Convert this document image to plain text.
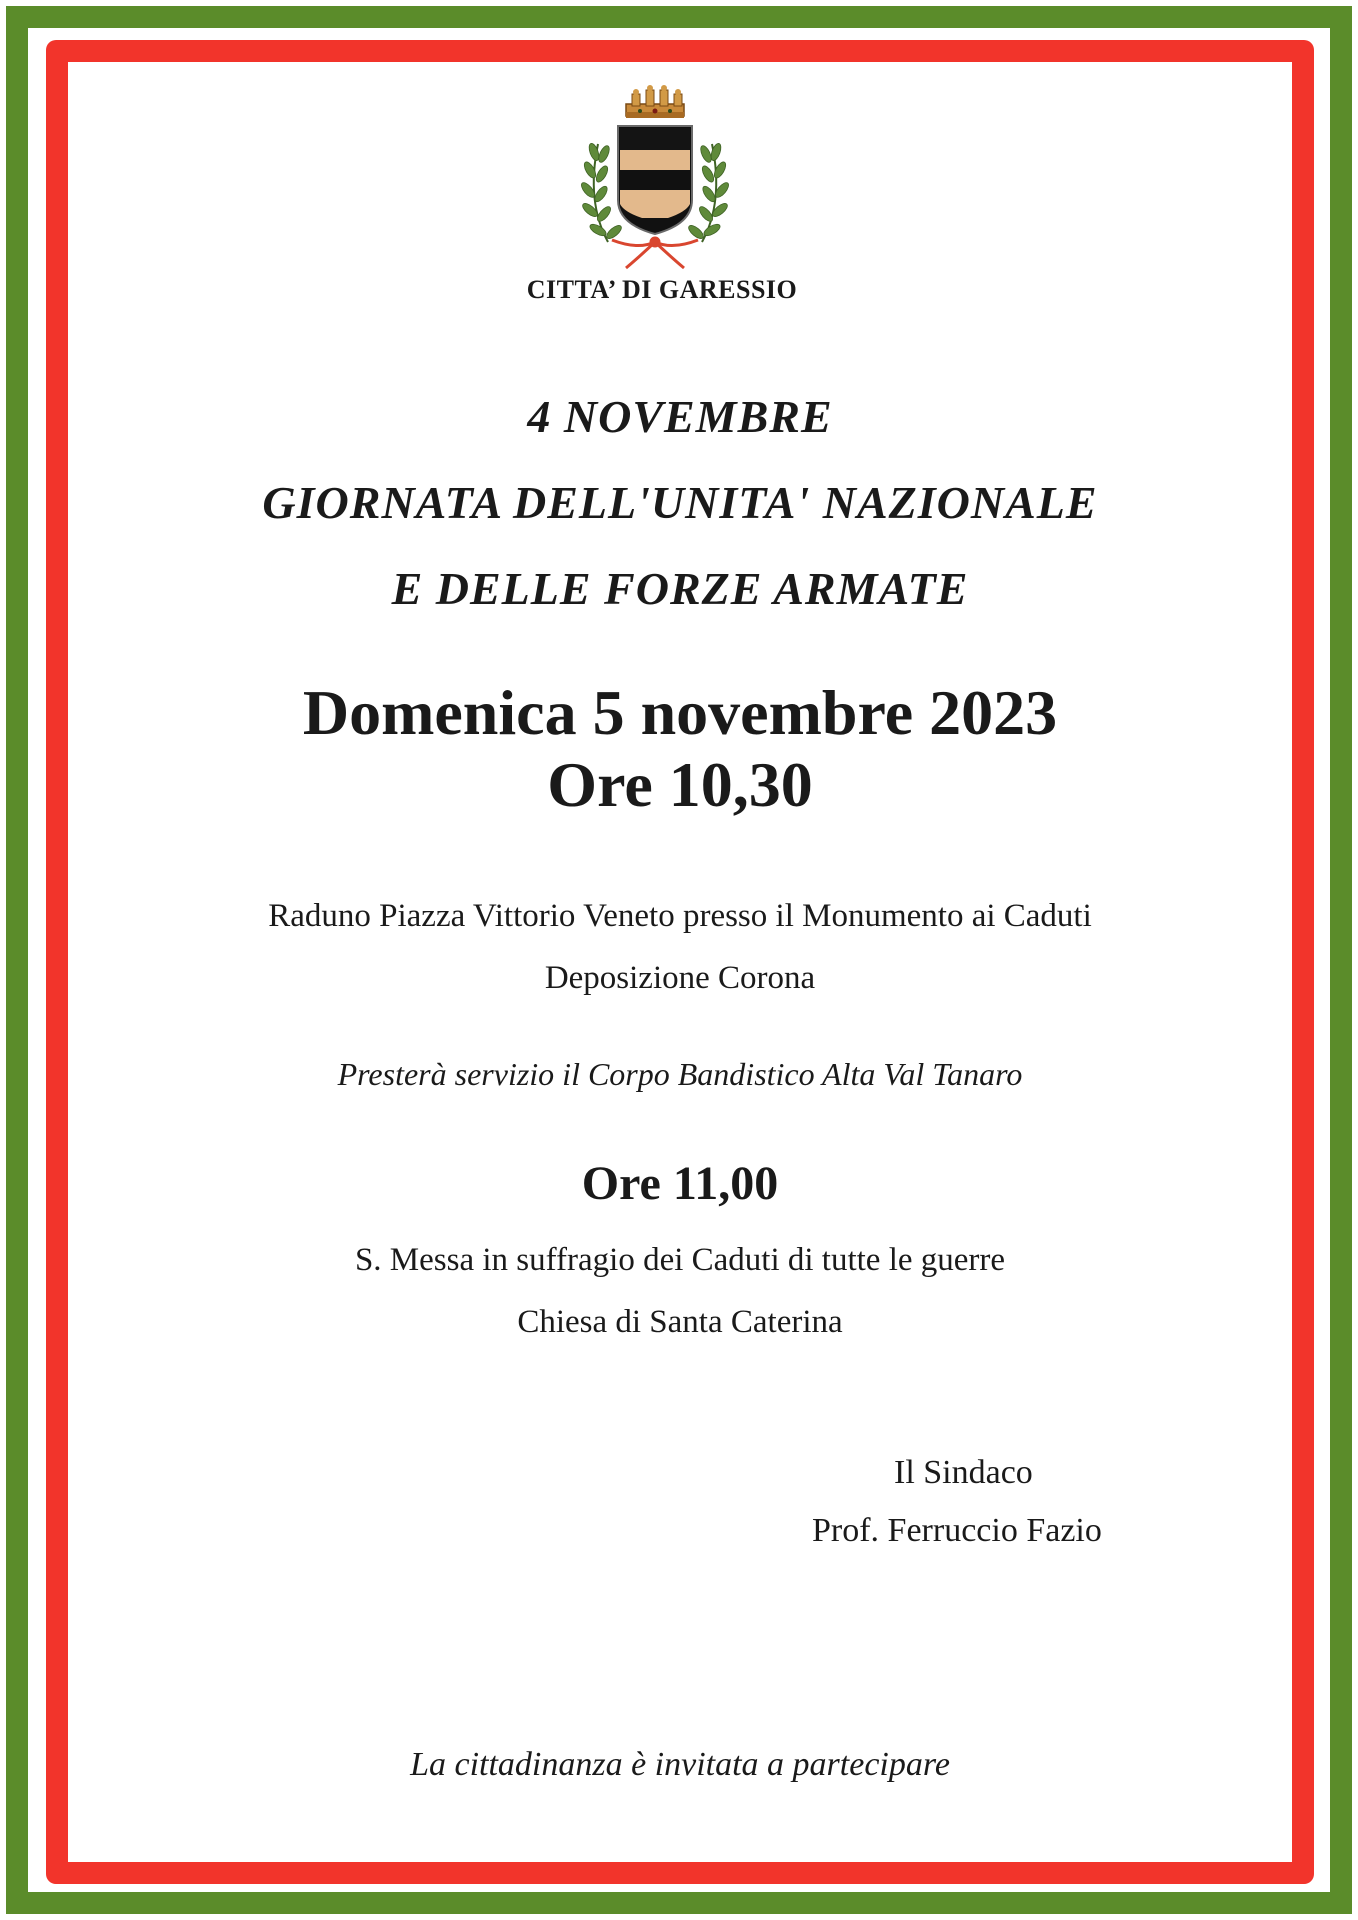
CITTA’ DI GARESSIO
4 NOVEMBRE
GIORNATA DELL'UNITA' NAZIONALE
E DELLE FORZE ARMATE
Domenica 5 novembre 2023
Ore 10,30
Raduno Piazza Vittorio Veneto presso il Monumento ai Caduti
Deposizione Corona
Presterà servizio il Corpo Bandistico Alta Val Tanaro
Ore 11,00
S. Messa in suffragio dei Caduti di tutte le guerre
Chiesa di Santa Caterina
Il Sindaco
Prof. Ferruccio Fazio
La cittadinanza è invitata a partecipare
